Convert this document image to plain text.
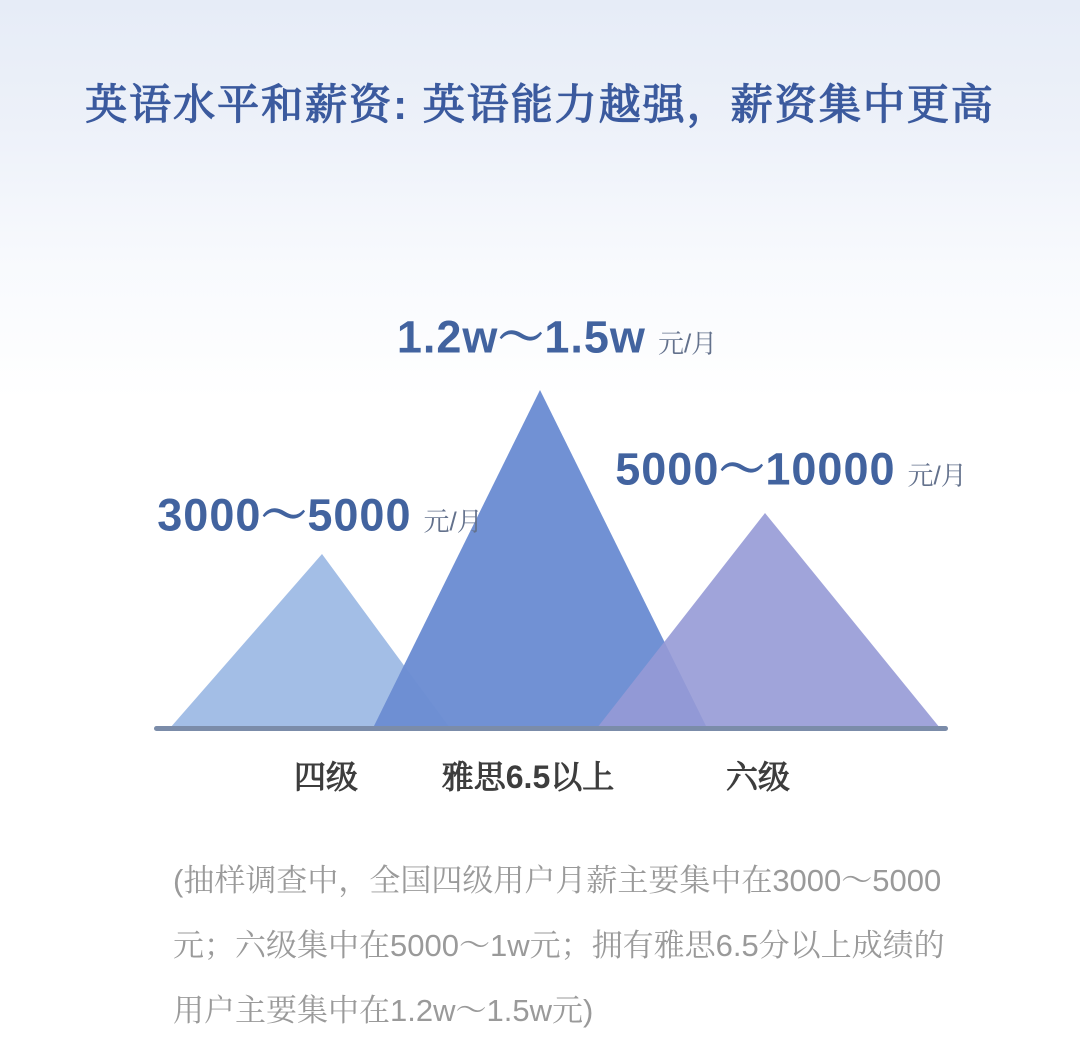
英语水平和薪资: 英语能力越强，薪资集中更高
3000～5000 元/月
1.2w～1.5w 元/月
5000～10000 元/月
四级	雅思6.5以上	六级
(抽样调查中，全国四级用户月薪主要集中在3000～5000
元；六级集中在5000～1w元；拥有雅思6.5分以上成绩的
用户主要集中在1.2w～1.5w元)
